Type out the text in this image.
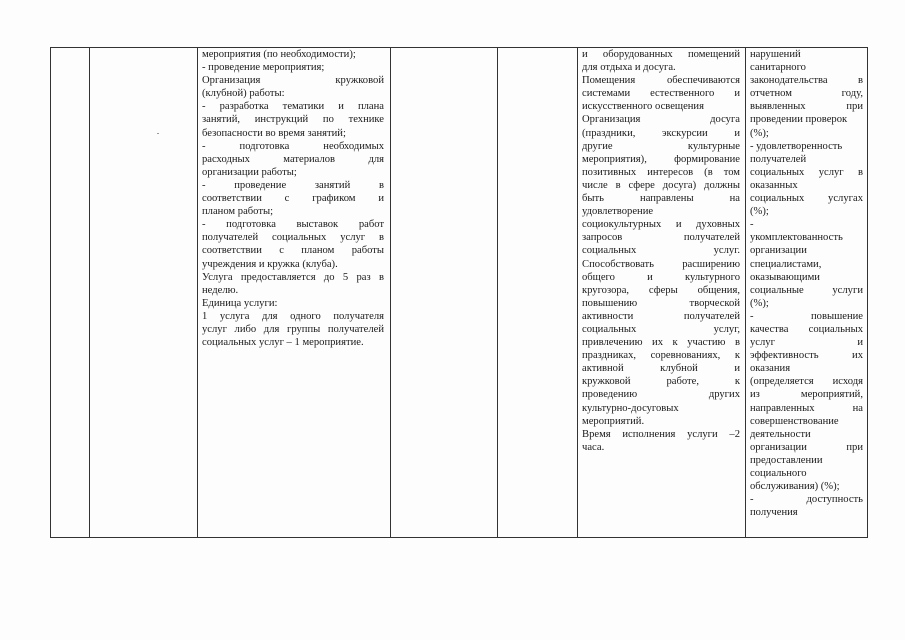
мероприятия (по необходимости);

- проведение мероприятия;

Организация кружковой

(клубной) работы:

- разработка тематики и плана

занятий, инструкций по технике

безопасности во время занятий;

- подготовка необходимых

расходных материалов для

организации работы;

- проведение занятий в

соответствии с графиком и

планом работы;

- подготовка выставок работ

получателей социальных услуг в

соответствии с планом работы

учреждения и кружка (клуба).

Услуга предоставляется до 5 раз в

неделю.

Единица услуги:

1 услуга для одного получателя

услуг либо для группы получателей

социальных услуг – 1 мероприятие.

и оборудованных помещений

для отдыха и досуга.

Помещения обеспечиваются

системами естественного и

искусственного освещения

Организация досуга

(праздники, экскурсии и

другие культурные

мероприятия), формирование

позитивных интересов (в том

числе в сфере досуга) должны

быть направлены на

удовлетворение

социокультурных и духовных

запросов получателей

социальных услуг.

Способствовать расширению

общего и культурного

кругозора, сферы общения,

повышению творческой

активности получателей

социальных услуг,

привлечению их к участию в

праздниках, соревнованиях, к

активной клубной и

кружковой работе, к

проведению других

культурно-досуговых

мероприятий.

Время исполнения услуги –2

часа.

нарушений

санитарного

законодательства в

отчетном году,

выявленных при

проведении проверок

(%);

- удовлетворенность

получателей

социальных услуг в

оказанных

социальных услугах

(%);

-

укомплектованность

организации

специалистами,

оказывающими

социальные услуги

(%);

- повышение

качества социальных

услуг и

эффективность их

оказания

(определяется исходя

из мероприятий,

направленных на

совершенствование

деятельности

организации при

предоставлении

социального

обслуживания) (%);

- доступность

получения
